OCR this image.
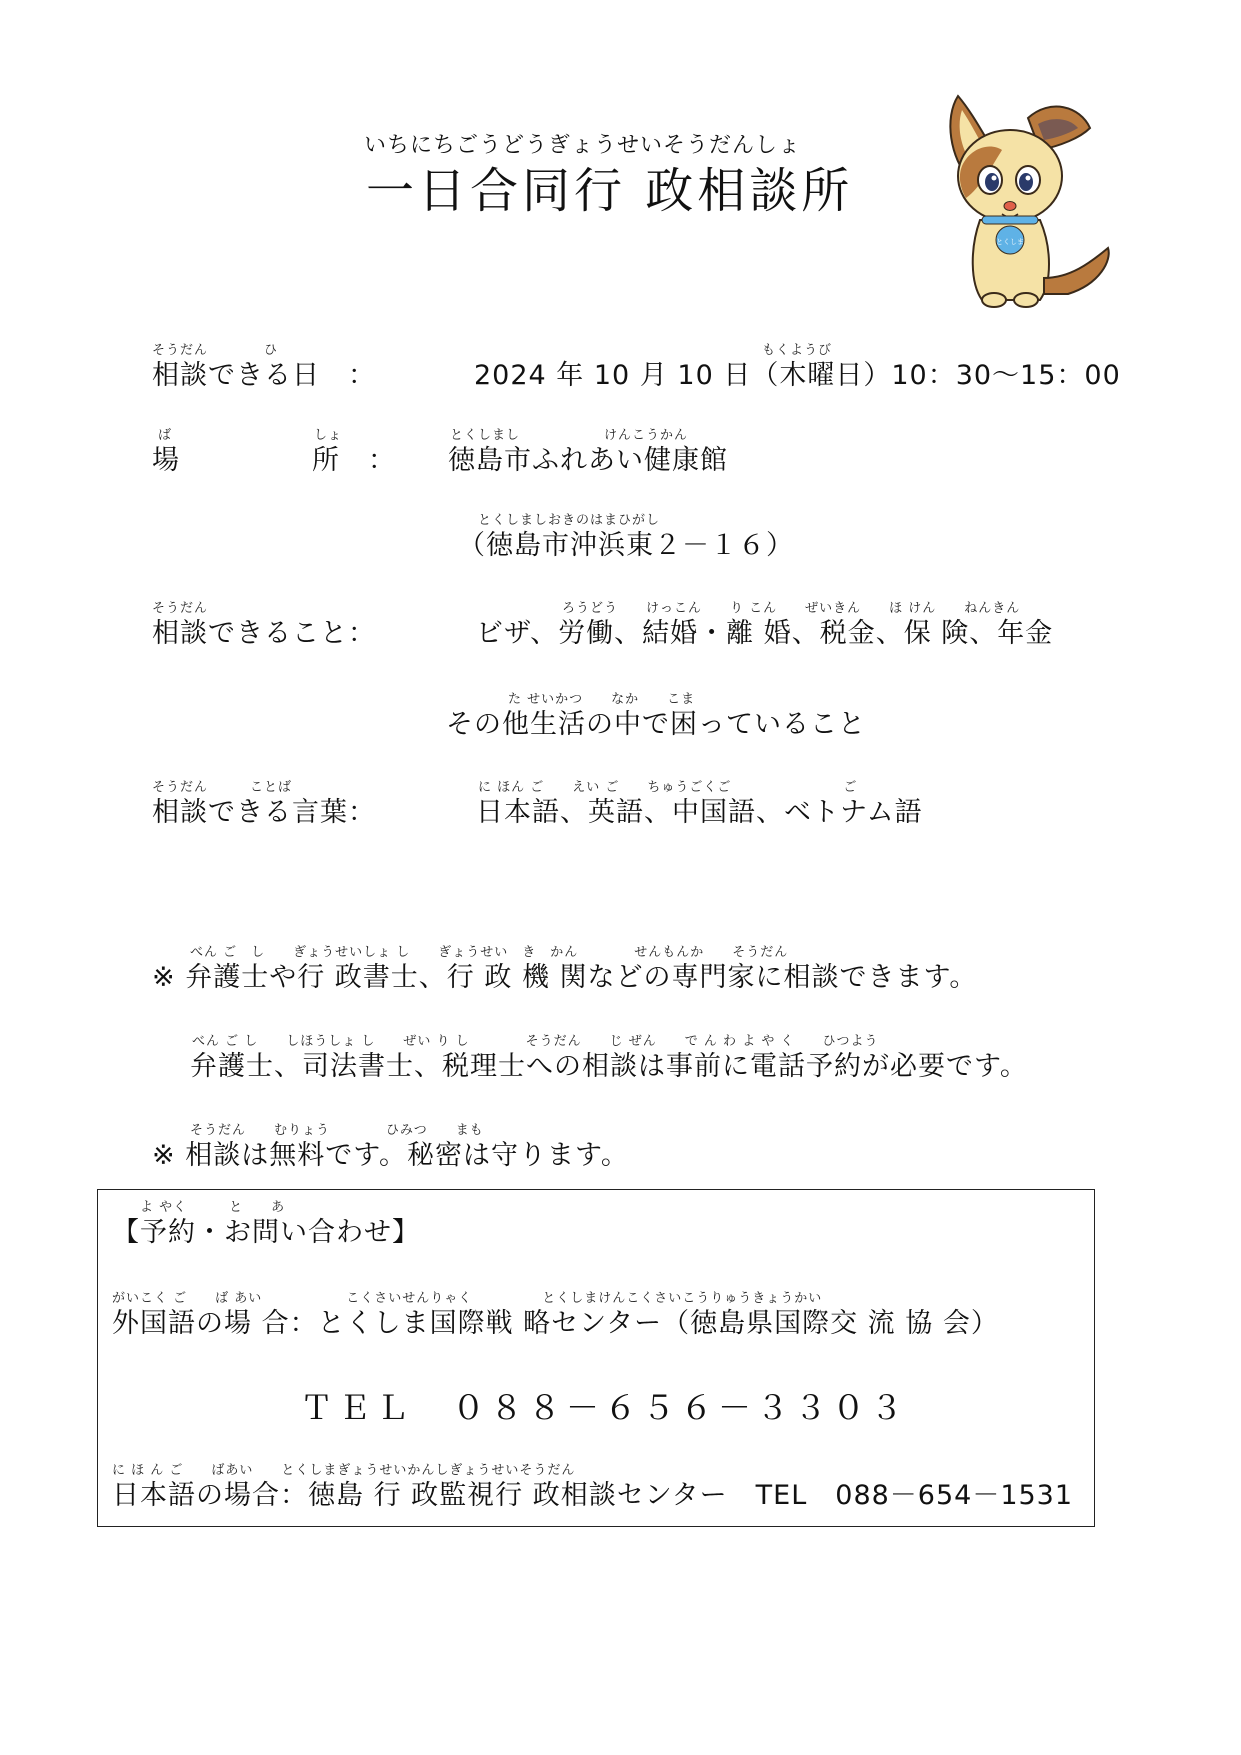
いちにちごうどうぎょうせいそうだんしょ
一日合同行 政相談所
とくしま
そうだん　　　　ひ
相談できる日　：
もくようび
2024 年 10 月 10 日（木曜日）10：30〜15：00
ば	しょ
場	所　：
とくしまし　　　　　　けんこうかん
徳島市ふれあい健康館
とくしましおきのはまひがし
（徳島市沖浜東２－１６）
そうだん
相談できること：
ろうどう　　けっこん　　り こん　　ぜいきん　　ほ けん　　ねんきん
ビザ、労働、結婚・離 婚、税金、保 険、年金
た せいかつ　　なか　　こま
その他生活の中で困っていること
そうだん　　　ことば
相談できる言葉：
に ほん ご　　えい ご　　ちゅうごくご　　　　　　　　ご
日本語、英語、中国語、ベトナム語
べん ご　し　　ぎょうせいしょ し　　ぎょうせい　き　かん　　　　せんもんか　　そうだん
※ 弁護士や行 政書士、行 政 機 関などの専門家に相談できます。
べん ご し　　しほうしょ し　　ぜい り し　　　　そうだん　　じ ぜん　　で ん わ よ や く　　ひつよう
弁護士、司法書士、税理士への相談は事前に電話予約が必要です。
そうだん　　むりょう　　　　ひみつ　　まも
※ 相談は無料です。秘密は守ります。
よ やく　　　と　　あ
【予約・お問い合わせ】
がいこく ご　　ば あい　　　　　　こくさいせんりゃく　　　　　とくしまけんこくさいこうりゅうきょうかい
外国語の場 合：とくしま国際戦 略センター（徳島県国際交 流 協 会）
ＴＥＬ　０８８－６５６－３３０３
に ほ ん ご　　ばあい　　とくしまぎょうせいかんしぎょうせいそうだん
日本語の場合：徳島 行 政監視行 政相談センター　TEL　088－654－1531
